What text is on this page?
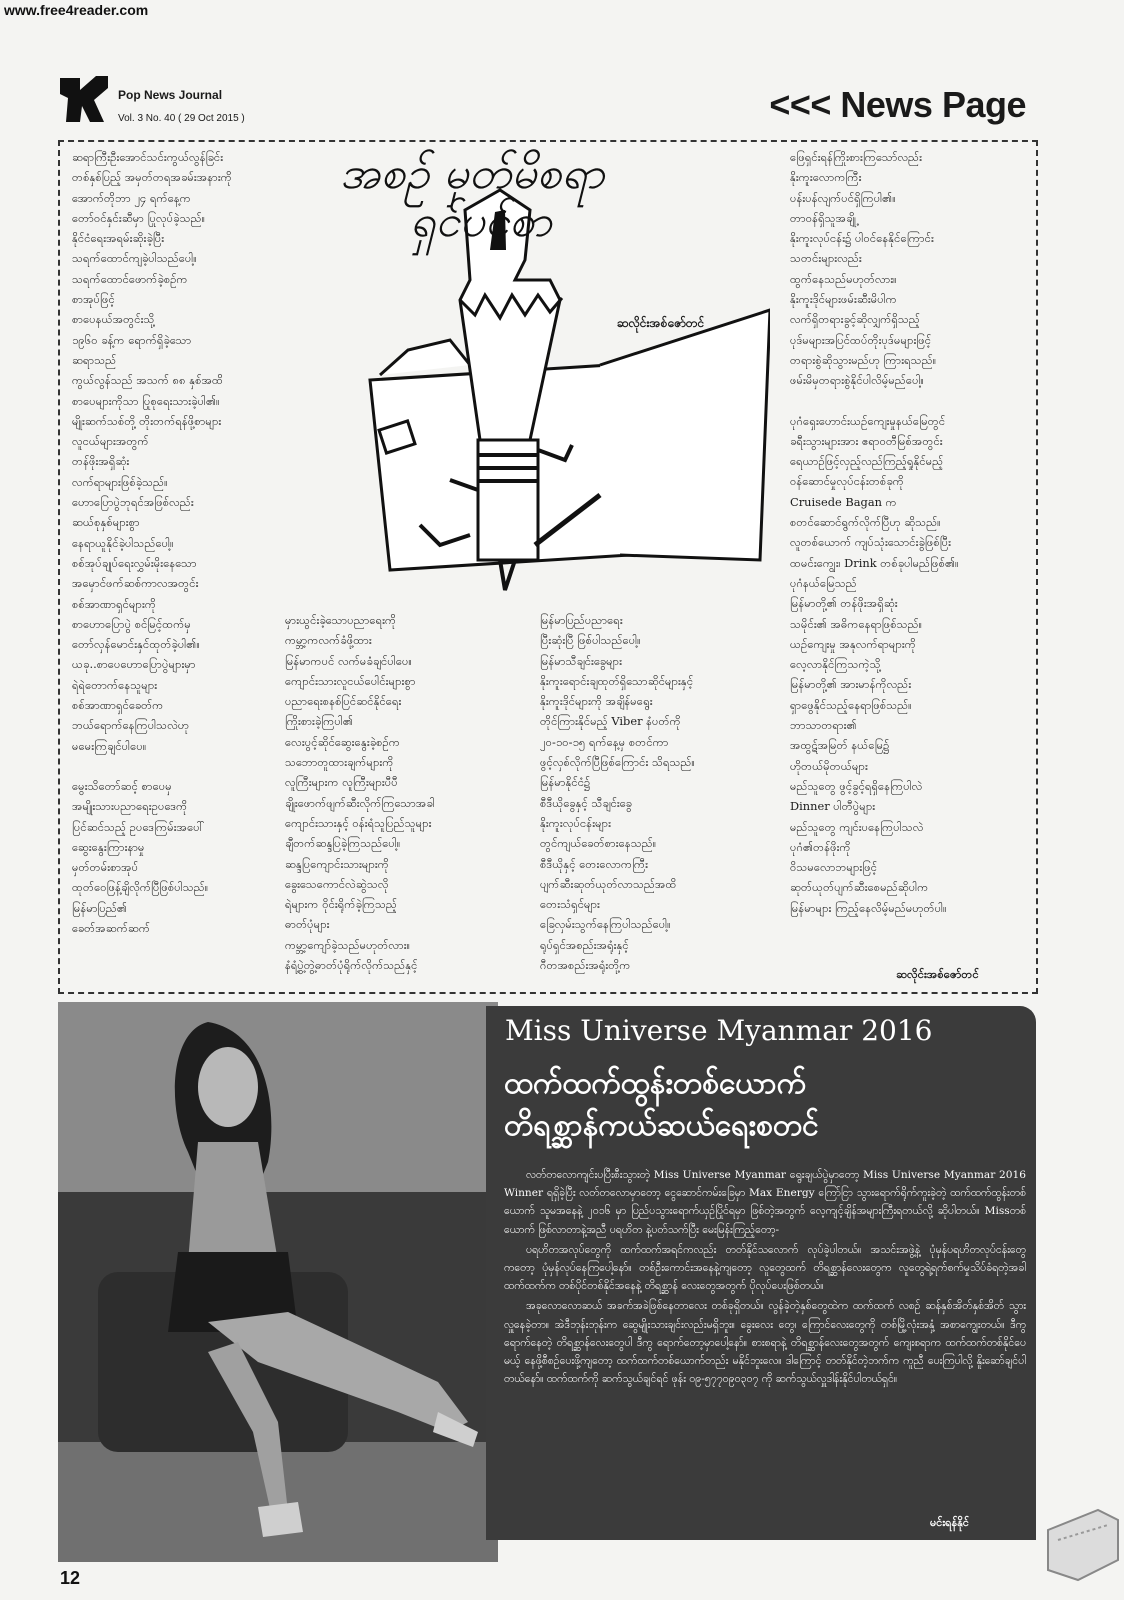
www.free4reader.com
Pop News Journal
Vol. 3 No. 40 ( 29 Oct 2015 )	<<< News Page
အစဉ် မှတ်မိစရာ
ရှင်ပင်စာ
ဆလိုင်းအစ်ဇော်တင်

ဆရာကြီးဦးအောင်သင်းကွယ်လွန်ခြင်း

တစ်နှစ်ပြည့် အမှတ်တရအခမ်းအနားကို

အောက်တိုဘာ ၂၄ ရက်နေ့က

တော်ဝင်နှင်းဆီမှာ ပြုလုပ်ခဲ့သည်။

နိုင်ငံရေးအရမ်းဆိုးခဲ့ပြီး

သရက်ထောင်ကျခဲ့ပါသည်ပေါ့။

သရက်ထောင်ဖောက်ခဲ့စဉ်က

စာအုပ်ဖြင့်

စာပေနယ်အတွင်းသို့

၁၉၆၀ ခန့်က ရောက်ရှိခဲ့သော

ဆရာသည်

ကွယ်လွန်သည် အသက် ၈၈ နှစ်အထိ

စာပေများကိုသာ ပြုစုရေးသားခဲ့ပါ၏။

မျိုးဆက်သစ်တို့ တိုးတက်ရန်ဖို့စာများ

လူငယ်များအတွက်

တန်ဖိုးအရှိဆုံး

လက်ရာများဖြစ်ခဲ့သည်။

ဟောပြောပွဲဘုရင်အဖြစ်လည်း

ဆယ်စုနှစ်များစွာ

နေရာယူနိုင်ခဲ့ပါသည်ပေါ့။

စစ်အုပ်ချုပ်ရေးလွှမ်းမိုးနေသော

အမှောင်ဖက်ဆစ်ကာလအတွင်း

စစ်အာဏာရှင်များကို

စာဟောပြောပွဲ စင်မြင့်ထက်မှ

တော်လှန်မောင်းနှင်ထုတ်ခဲ့ပါ၏။

ယခု..စာပေဟောပြောပွဲများမှာ

ရဲရဲတောက်နေသူများ

စစ်အာဏာရှင်ခေတ်က

ဘယ်ရောက်နေကြပါသလဲဟု

မမေးကြချင်ပါပေ။

မွေးသိတော်ဆင့် စာပေမှ

အမျိုးသားပညာရေးဥပဒေကို

ပြင်ဆင်သည့် ဥပဒေကြမ်းအပေါ်

ဆွေးနွေးကြားနာမှု

မှတ်တမ်းစာအုပ်

ထုတ်ဝေဖြန့်ချိလိုက်ပြီဖြစ်ပါသည်။

မြန်မာပြည်၏

ခေတ်အဆက်ဆက်

မှားယွင်းခဲ့သောပညာရေးကို

ကမ္ဘာ့ကလက်ခံဖို့ထား

မြန်မာကပင် လက်မခံချင်ပါပေ။

ကျောင်းသားလူငယ်ပေါင်းများစွာ

ပညာရေးစနစ်ပြင်ဆင်နိုင်ရေး

ကြိုးစားခဲ့ကြပါ၏

လေးပွင့်ဆိုင်ဆွေးနွေးခဲ့စဉ်က

သဘောတူထားချက်များကို

လူကြီးများက လူကြီးများပီပီ

ချိုးဖောက်ဖျက်ဆီးလိုက်ကြသောအခါ

ကျောင်းသားနှင့် ဝန်းရံသူပြည်သူများ

ချီတက်ဆန္ဒပြခဲ့ကြသည်ပေါ့။

ဆန္ဒပြကျောင်းသားများကို

ခွေးသေကောင်လဲဆွဲသလို

ရဲများက ဝိုင်းရိုက်ခဲ့ကြသည့်

ဓာတ်ပုံများ

ကမ္ဘာ့ကျော်ခဲ့သည်မဟုတ်လား။

နံရံ့ပွဲ့တွဲ့ဓာတ်ပုံရိုက်လိုက်သည်နှင့်

မြန်မာပြည်ပညာရေး

ပြီးဆုံးပြီ ဖြစ်ပါသည်ပေါ့။

မြန်မာသီချင်းခွေများ

နိုးကူးရောင်းချထုတ်ရှိသောဆိုင်များနှင့်

နိုးကူးဒိုင်များကို အချိန်မရွေး

တိုင်ကြားနိုင်မည့် Viber နံပတ်ကို

၂၀-၁၀-၁၅ ရက်နေ့မှ စတင်ကာ

ဖွင့်လှစ်လိုက်ပြီဖြစ်ကြောင်း သိရသည်။

မြန်မာနိုင်ငံ၌

စီဒီယိုခွေနှင့် သီချင်းခွေ

နိုးကူးလုပ်ငန်းများ

တွင်ကျယ်ခေတ်စားနေသည်။

စီဒီယိုနှင့် တေးလောကကြီး

ပျက်ဆီးဆုတ်ယုတ်လာသည်အထိ

တေးသံရှင်များ

ခြေလှမ်းသွက်နေကြပါသည်ပေါ့။

ရုပ်ရှင်အစည်းအရုံးနှင့်

ဂီတအစည်းအရုံးတို့က

ဖြေရှင်းရန်ကြိုးစားကြသော်လည်း

နိုးကူးလောကကြီး

ပန်းပန်လျက်ပင်ရှိကြပါ၏။

တာဝန်ရှိသူအချို့

နိုးကူးလုပ်ငန်း၌ ပါဝင်နေနိုင်ကြောင်း

သတင်းများလည်း

ထွက်နေသည်မဟုတ်လား။

နိုးကူးဒိုင်များဖမ်းဆီးမိပါက

လက်ရှိတရားခွင့်ဆိုလျှက်ရှိသည့်

ပုဒ်မများအပြင်ထပ်တိုးပုဒ်မများဖြင့်

တရားစွဲဆိုသွားမည်ဟု ကြားရသည်။

ဖမ်းမိမှတရားစွဲနိုင်ပါလိမ့်မည်ပေါ့။

ပုဂံရှေးဟောင်းယဉ်ကျေးမှုနယ်မြေတွင်

ခရီးသွားများအား ဧရာဝတီမြစ်အတွင်း

ရေယာဉ်ဖြင့်လှည့်လည်ကြည့်ရှုနိုင်မည့်

ဝန်ဆောင်မှုလုပ်ငန်းတစ်ခုကို

Cruisede Bagan က

စတင်ဆောင်ရွက်လိုက်ပြီဟု ဆိုသည်။

လူတစ်ယောက် ကျပ်သုံးသောင်းခွဲဖြစ်ပြီး

ထမင်းကျွေး၊ Drink တစ်ခုပါမည်ဖြစ်၏။

ပုဂံနယ်မြေသည်

မြန်မာတို့၏ တန်ဖိုးအရှိဆုံး

သမိုင်း၏ အဓိကနေရာဖြစ်သည်။

ယဉ်ကျေးမှု အနုလက်ရာများကို

လေ့လာနိုင်ကြသကဲ့သို့

မြန်မာတို့၏ အားမာန်ကိုလည်း

ရှာဖွေနိုင်သည့်နေရာဖြစ်သည်။

ဘာသာတရား၏

အထွဋ်အမြတ် နယ်မြေ၌

ဟိုတယ်မိုတယ်များ

မည်သူတွေ ဖွင့်ခွင့်ရရှိနေကြပါလဲ

Dinner ပါတီပွဲများ

မည်သူတွေ ကျင်းပနေကြပါသလဲ

ပုဂံ၏တန်ဖိုးကို

ဝိသမလောဘများဖြင့်

ဆုတ်ယုတ်ပျက်ဆီးစေမည်ဆိုပါက

မြန်မာများ ကြည့်နေလိမ့်မည်မဟုတ်ပါ။

ဆလိုင်းအစ်ဇော်တင်
Miss Universe Myanmar 2016
ထက်ထက်ထွန်းတစ်ယောက်
တိရစ္ဆာန်ကယ်ဆယ်ရေးစတင်

လတ်တလောကျင်းပပြီးစီးသွားတဲ့ Miss Universe Myanmar ရွေးချယ်ပွဲမှာတော့ Miss Universe Myanmar 2016 Winner ရရှိခဲ့ပြီး လတ်တလောမှာတော့ ငွေဆောင်ကမ်းခြေမှာ Max Energy ကြော်ငြာ သွားရောက်ရိုက်ကူးခဲ့တဲ့ ထက်ထက်ထွန်းတစ်ယောက် သူမအနေနဲ့ ၂၀၁၆ မှာ ပြည်ပသွားရောက်ယှဉ်ပြိုင်ရမှာ ဖြစ်တဲ့အတွက် လေ့ကျင့်ချိန်အများကြီးရတယ်လို့ ဆိုပါတယ်။ Missတစ်ယောက် ဖြစ်လာတာနဲ့အညီ ပရဟိတ နဲ့ပတ်သက်ပြီး မေးမြန်းကြည့်တော့-

ပရဟိတအလုပ်တွေကို ထက်ထက်အရင်ကလည်း တတ်နိုင်သလောက် လုပ်ခဲ့ပါတယ်။ အသင်းအဖွဲ့နဲ့ ပုံမှန်ပရဟိတလုပ်ငန်းတွေကတော့ ပုံမှန်လုပ်နေကြပေါ့နော်။ တစ်ဦးကောင်းအနေနဲ့ကျတော့ လူတွေထက် တိရစ္ဆာန်လေးတွေက လူတွေရဲ့ရက်စက်မှုသိပ်ခံရတဲ့အခါ ထက်ထက်က တစ်ပိုင်တစ်နိုင်အနေနဲ့ တိရစ္ဆာန် လေးတွေအတွက် ပိုလုပ်ပေးဖြစ်တယ်။

အခုလောလောဆယ် အခက်အခဲဖြစ်နေတာလေး တစ်ခုရှိတယ်။ လွန်ခဲ့တဲ့နှစ်တွေထဲက ထက်ထက် လစဉ် ဆန်နှစ်အိတ်နှစ်အိတ် သွားလှူနေခဲ့တာ။ အဲဒီဘုန်းဘုန်းက ဆွေမျိုးသားချင်းလည်းမရှိဘူး။ ခွေးလေး တွေ၊ ကြောင်လေးတွေကို တစ်မြို့လုံးအနှံ့ အစာကျွေးတယ်။ ဒီကွရောက်နေတဲ့ တိရစ္ဆာန်လေးတွေပါ ဒီကွ ရောက်တော့မှာပေါ့နော်။ စားစရာနဲ့ တိရစ္ဆာန်လေးတွေအတွက် ကျေးစရာက ထက်ထက်တစ်နိုင်ပေမယ့် နေဖို့စီစဉ်ပေးဖို့ကျတော့ ထက်ထက်တစ်ယောက်တည်း မနိုင်ဘူးလေ။ ဒါကြောင့် တတ်နိုင်တဲ့ဘက်က ကူညီ ပေးကြပါလို့ နိူးဆော်ချင်ပါတယ်နော်။ ထက်ထက်ကို ဆက်သွယ်ချင်ရင် ဖုန်း ၀၉-၅၇၇၀၉၀၃၀၇ ကို ဆက်သွယ်လှူဒါန်းနိုင်ပါတယ်ရှင်။

မင်းရန်နိုင်
12
